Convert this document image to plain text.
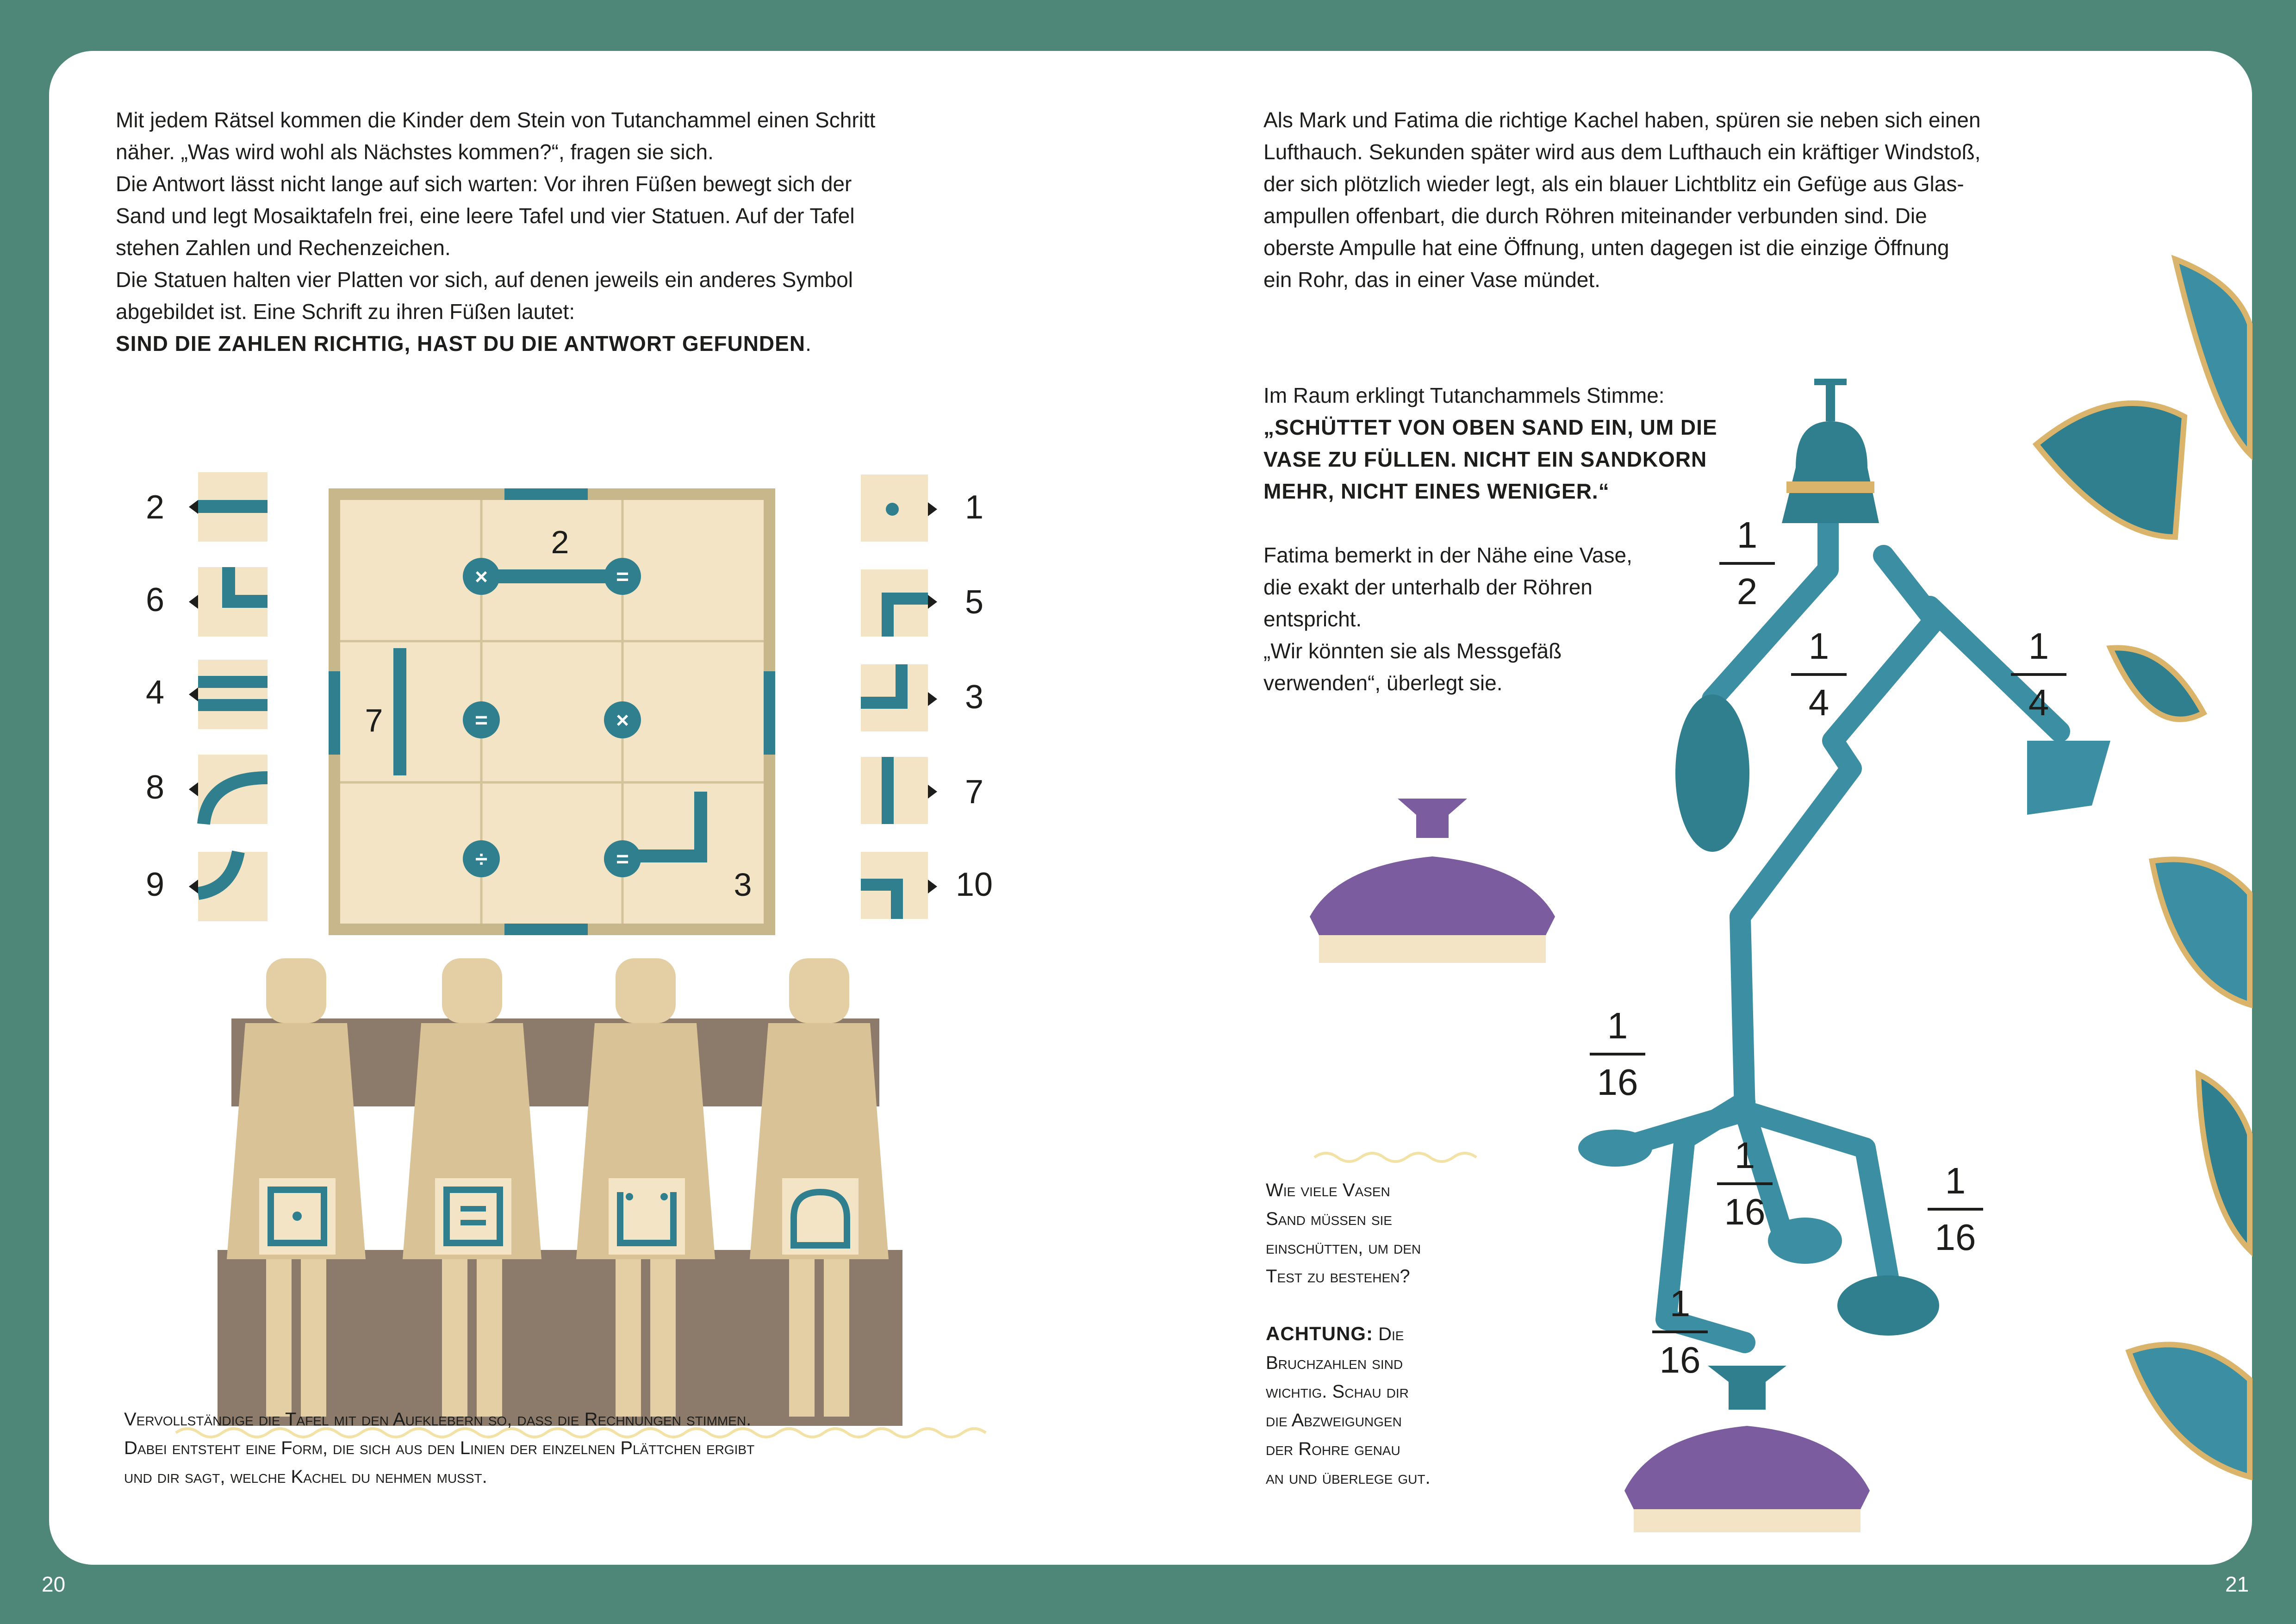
20	21

Mit jedem Rätsel kommen die Kinder dem Stein von Tutanchammel einen Schritt

näher. „Was wird wohl als Nächstes kommen?“, fragen sie sich.

Die Antwort lässt nicht lange auf sich warten: Vor ihren Füßen bewegt sich der

Sand und legt Mosaiktafeln frei, eine leere Tafel und vier Statuen. Auf der Tafel

stehen Zahlen und Rechenzeichen.

Die Statuen halten vier Platten vor sich, auf denen jeweils ein anderes Symbol

abgebildet ist. Eine Schrift zu ihren Füßen lautet:

SIND DIE ZAHLEN RICHTIG, HAST DU DIE ANTWORT GEFUNDEN.

2
6
4
8
9
1
5
3
7
10
×	=
=	×
÷	=
2
7
3

Als Mark und Fatima die richtige Kachel haben, spüren sie neben sich einen

Lufthauch. Sekunden später wird aus dem Lufthauch ein kräftiger Windstoß,

der sich plötzlich wieder legt, als ein blauer Lichtblitz ein Gefüge aus Glas-

ampullen offenbart, die durch Röhren miteinander verbunden sind. Die

oberste Ampulle hat eine Öffnung, unten dagegen ist die einzige Öffnung

ein Rohr, das in einer Vase mündet.

Im Raum erklingt Tutanchammels Stimme:

„SCHÜTTET VON OBEN SAND EIN, UM DIE

VASE ZU FÜLLEN. NICHT EIN SANDKORN

MEHR, NICHT EINES WENIGER.“

Fatima bemerkt in der Nähe eine Vase,

die exakt der unterhalb der Röhren

entspricht.

„Wir könnten sie als Messgefäß

verwenden“, überlegt sie.

1
2
1
4
1
4
1
16
1
16
1
16
1
16

Vervollständige die Tafel mit den Aufklebern so, dass die Rechnungen stimmen.

Dabei entsteht eine Form, die sich aus den Linien der einzelnen Plättchen ergibt

und dir sagt, welche Kachel du nehmen musst.

Wie viele Vasen

Sand müssen sie

einschütten, um den

Test zu bestehen?

ACHTUNG: Die

Bruchzahlen sind

wichtig. Schau dir

die Abzweigungen

der Rohre genau

an und überlege gut.
